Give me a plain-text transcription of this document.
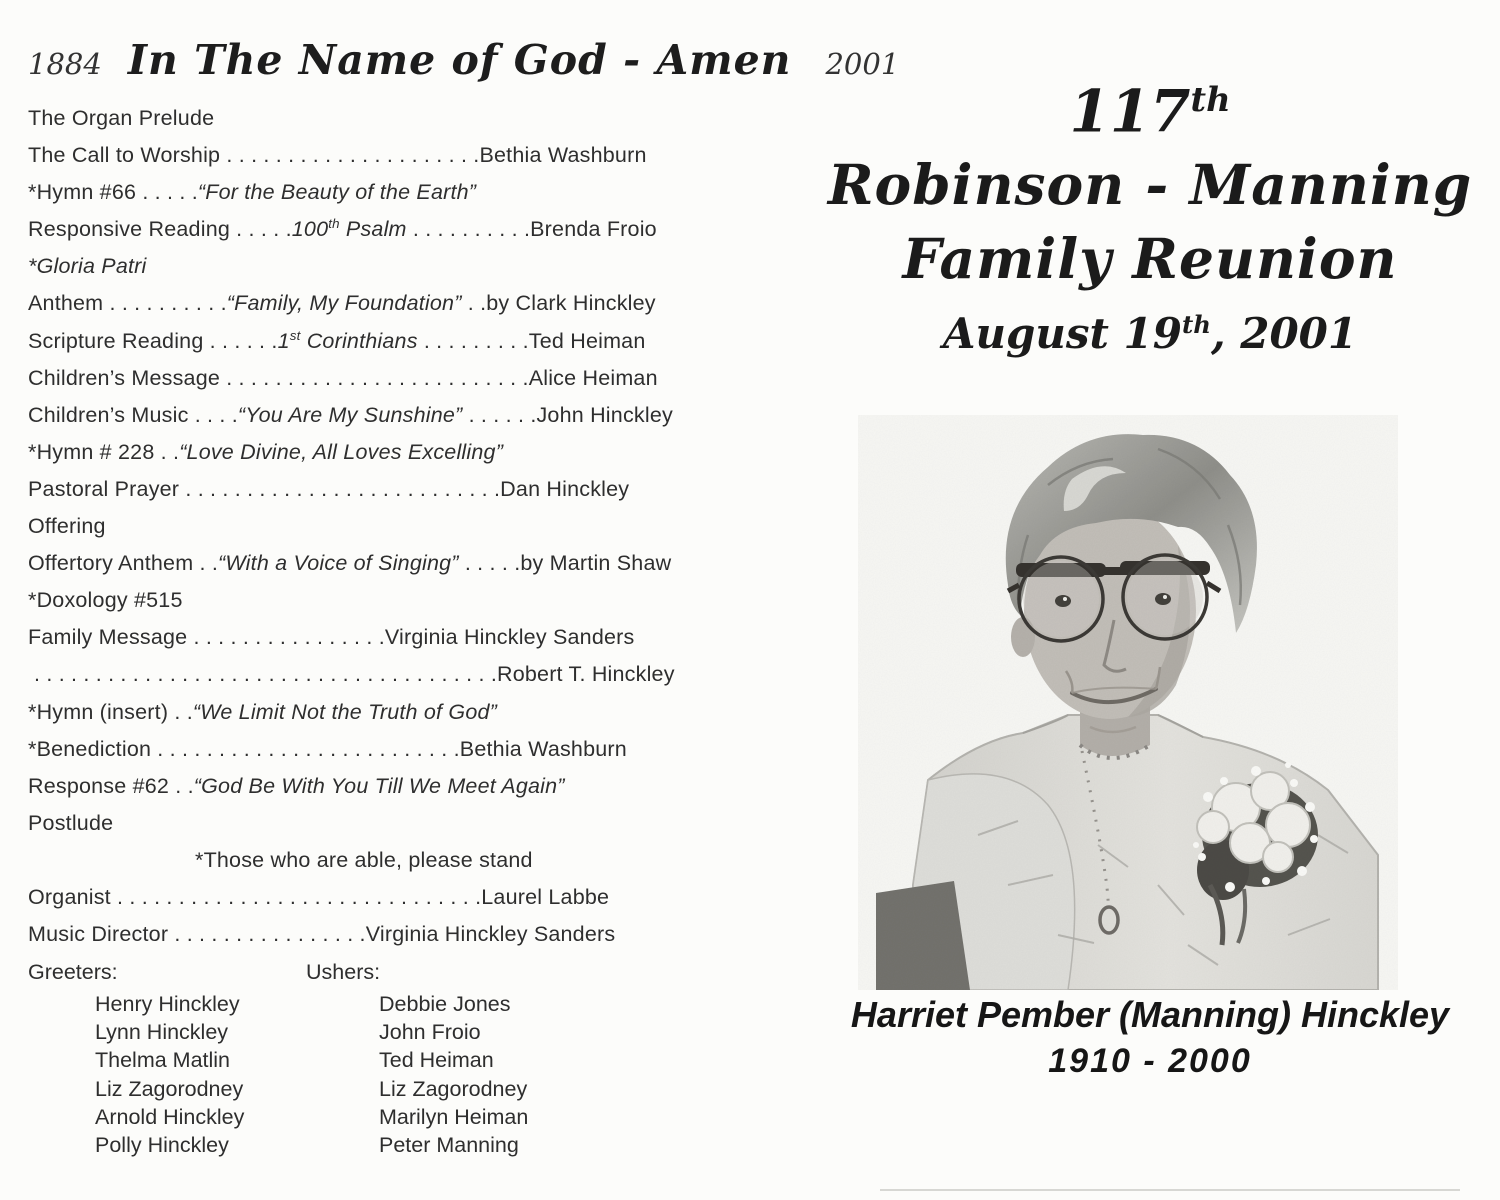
1884 In The Name of God - Amen 2001
The Organ Prelude
The Call to Worship . . . . . . . . . . . . . . . . . . . . .Bethia Washburn
*Hymn #66 . . . . .“For the Beauty of the Earth”
Responsive Reading . . . . .100th Psalm . . . . . . . . . .Brenda Froio
*Gloria Patri
Anthem . . . . . . . . . .“Family, My Foundation” . .by Clark Hinckley
Scripture Reading . . . . . .1st Corinthians . . . . . . . . .Ted Heiman
Children’s Message . . . . . . . . . . . . . . . . . . . . . . . . .Alice Heiman
Children’s Music . . . .“You Are My Sunshine” . . . . . .John Hinckley
*Hymn # 228 . .“Love Divine, All Loves Excelling”
Pastoral Prayer . . . . . . . . . . . . . . . . . . . . . . . . . .Dan Hinckley
Offering
Offertory Anthem . .“With a Voice of Singing” . . . . .by Martin Shaw
*Doxology #515
Family Message . . . . . . . . . . . . . . . .Virginia Hinckley Sanders
. . . . . . . . . . . . . . . . . . . . . . . . . . . . . . . . . . . . . .Robert T. Hinckley
*Hymn (insert) . .“We Limit Not the Truth of God”
*Benediction . . . . . . . . . . . . . . . . . . . . . . . . .Bethia Washburn
Response #62 . .“God Be With You Till We Meet Again”
Postlude
*Those who are able, please stand
Organist . . . . . . . . . . . . . . . . . . . . . . . . . . . . . .Laurel Labbe
Music Director . . . . . . . . . . . . . . . .Virginia Hinckley Sanders
Greeters:
Henry Hinckley
Lynn Hinckley
Thelma Matlin
Liz Zagorodney
Arnold Hinckley
Polly Hinckley
Ushers:
Debbie Jones
John Froio
Ted Heiman
Liz Zagorodney
Marilyn Heiman
Peter Manning
117th
Robinson - Manning
Family Reunion
August 19th, 2001
Harriet Pember (Manning) Hinckley
1910 - 2000
